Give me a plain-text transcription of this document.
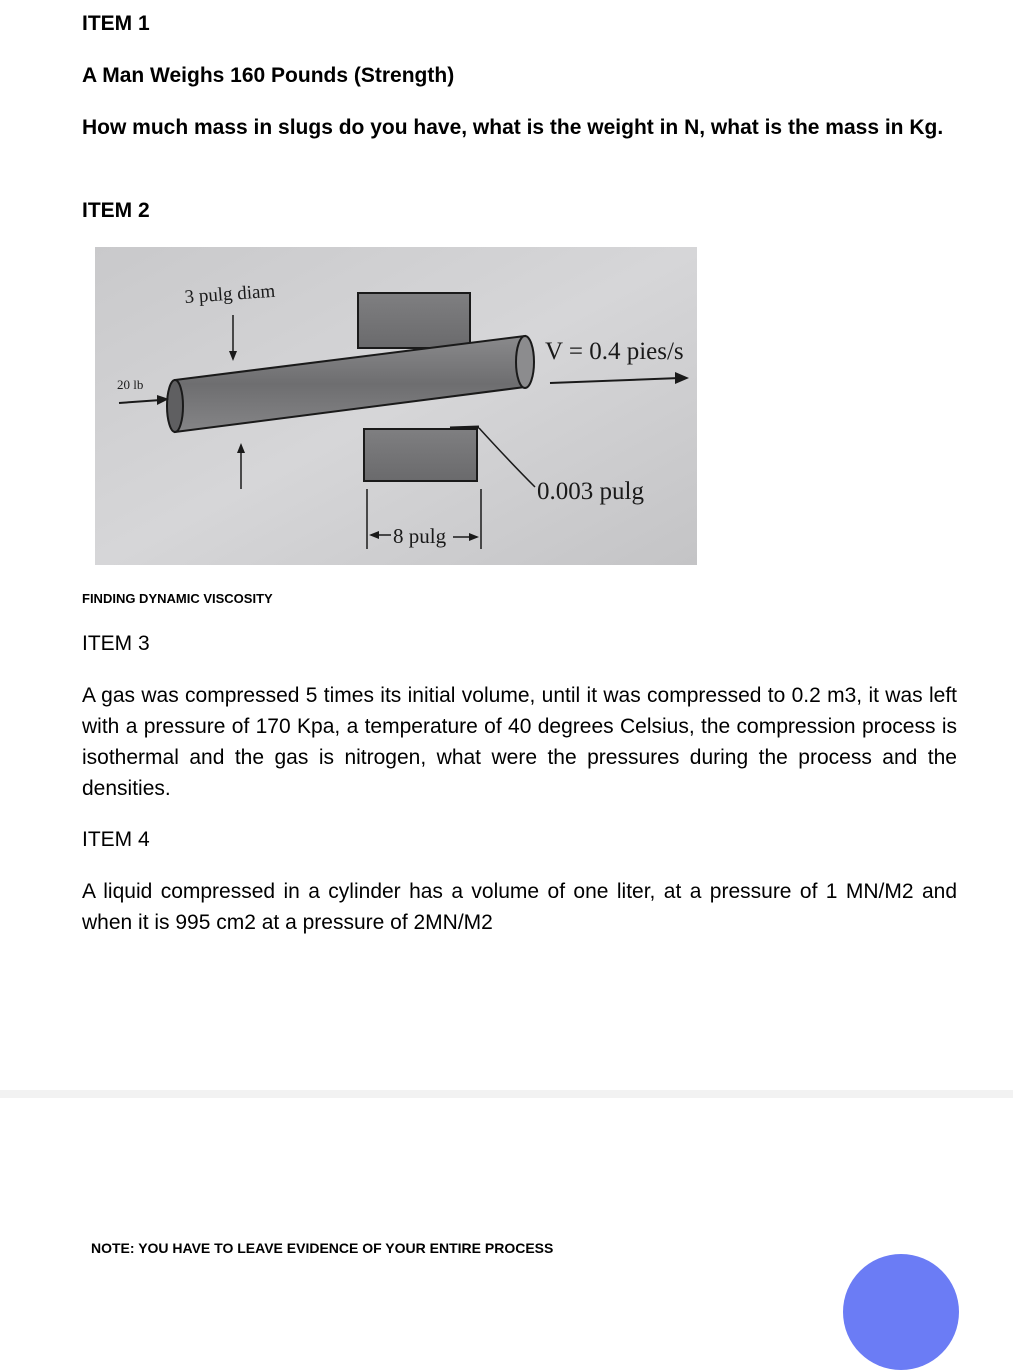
ITEM 1

A Man Weighs 160 Pounds (Strength)

How much mass in slugs do you have, what is the weight in N, what is the mass in Kg.

ITEM 2

3 pulg diam
20 lb
V = 0.4 pies/s
0.003 pulg
8 pulg

FINDING DYNAMIC VISCOSITY

ITEM 3

A gas was compressed 5 times its initial volume, until it was compressed to 0.2 m3, it was left with a pressure of 170 Kpa, a temperature of 40 degrees Celsius, the compression process is isothermal and the gas is nitrogen, what were the pressures during the process and the densities.

ITEM 4

A liquid compressed in a cylinder has a volume of one liter, at a pressure of 1 MN/M2 and when it is 995 cm2 at a pressure of 2MN/M2

NOTE: YOU HAVE TO LEAVE EVIDENCE OF YOUR ENTIRE PROCESS
